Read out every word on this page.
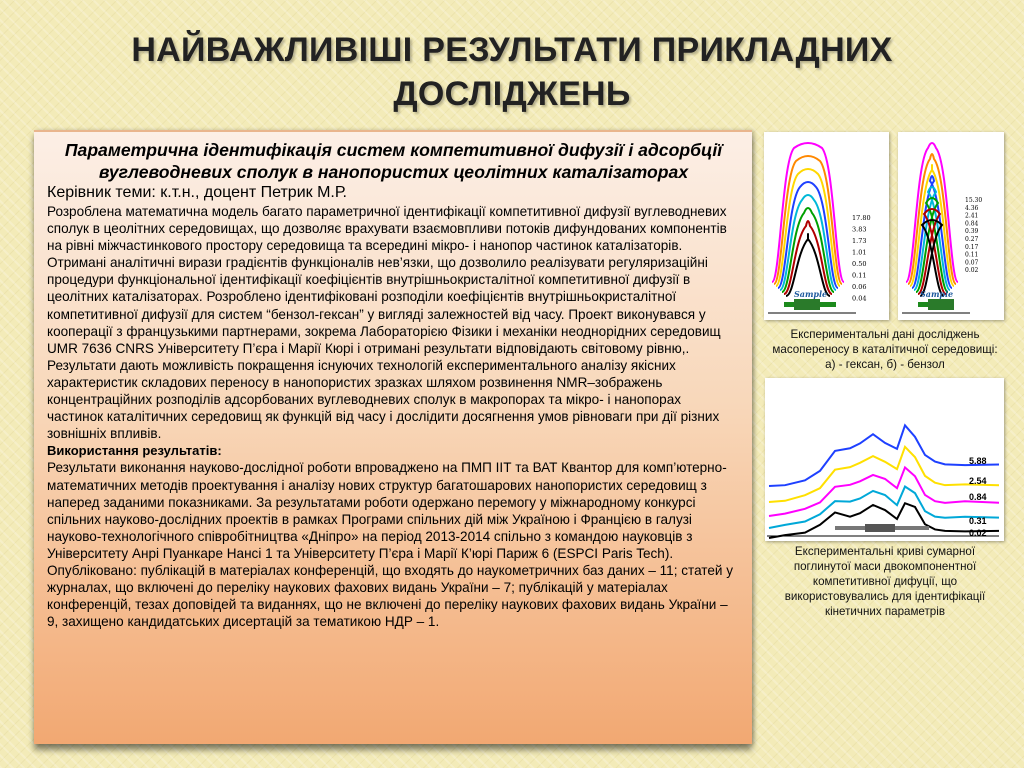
НАЙВАЖЛИВІШІ РЕЗУЛЬТАТИ ПРИКЛАДНИХ ДОСЛІДЖЕНЬ

Параметрична ідентифікація систем компетитивної дифузії і адсорбції вуглеводневих сполук в нанопористих цеолітних каталізаторах

Керівник теми: к.т.н., доцент Петрик М.Р.

Розроблена математична модель багато параметричної ідентифікації компетитивної дифузії вуглеводневих сполук в цеолітних середовищах, що дозволяє врахувати взаємовпливи потоків дифундованих компонентів на рівні міжчастинкового простору середовища та всередині мікро- і нанопор частинок каталізаторів. Отримані аналітичні вирази градієнтів функціоналів нев’язки, що дозволило реалізувати регуляризаційні процедури функціональної ідентифікації коефіцієнтів внутрішньокристалітної компетитивної дифузії в цеолітних каталізаторах. Розроблено ідентифіковані розподіли коефіцієнтів внутрішньокристалітної компетитивної дифузії для систем “бензол-гексан” у вигляді залежностей від часу. Проект виконувався у кооперації з французькими партнерами, зокрема Лабораторією Фізики і механіки неоднорідних середовищ UMR 7636 CNRS Університету П’єра і Марії Кюрі і отримані результати відповідають світовому рівню,. Результати дають можливість покращення існуючих технологій експериментального аналізу якісних характеристик складових переносу в нанопористих зразках шляхом розвинення NMR–зображень концентраційних розподілів адсорбованих вуглеводневих сполук в макропорах та мікро- і нанопорах частинок каталітичних середовищ як функцій від часу і дослідити досягнення умов рівноваги при дії різних зовнішніх впливів.

Використання результатів:

Результати виконання науково-дослідної роботи впроваджено на ПМП ІІТ та ВАТ Квантор для комп’ютерно-математичних методів проектування і аналізу нових структур багатошарових нанопористих середовищ з наперед заданими показниками. За результатами роботи одержано перемогу у міжнародному конкурсі спільних науково-дослідних проектів в рамках Програми спільних дій між Україною і Францією в галузі науково-технологічного співробітництва «Дніпро» на період 2013-2014 спільно з командою науковців з Університету Анрі Пуанкаре Нансі 1 та Університету П’єра і Марії К’юрі Париж 6 (ESPCI Paris Tech).

Опубліковано: публікацій в матеріалах конференцій, що входять до наукометричних баз даних – 11; статей у журналах, що включені до переліку наукових фахових видань України – 7; публікацій у матеріалах конференцій, тезах доповідей та виданнях, що не включені до переліку наукових фахових видань України – 9, захищено кандидатських дисертацій за тематикою НДР – 1.

17.80
3.83
1.73
1.01
0.50
0.11
0.06
0.04
Sample
15.30
4.36
2.41
0.84
0.39
0.27
0.17
0.11
0.07
0.02
Sample
Експериментальні дані досліджень масопереносу в каталітичної середовищі: а) - гексан, б) - бензол
5.88
2.54
0.84
0.31
0.02
Експериментальні криві сумарної поглинутої маси двокомпонентної компетитивної дифуції, що використовувались для ідентифікації кінетичних параметрів
